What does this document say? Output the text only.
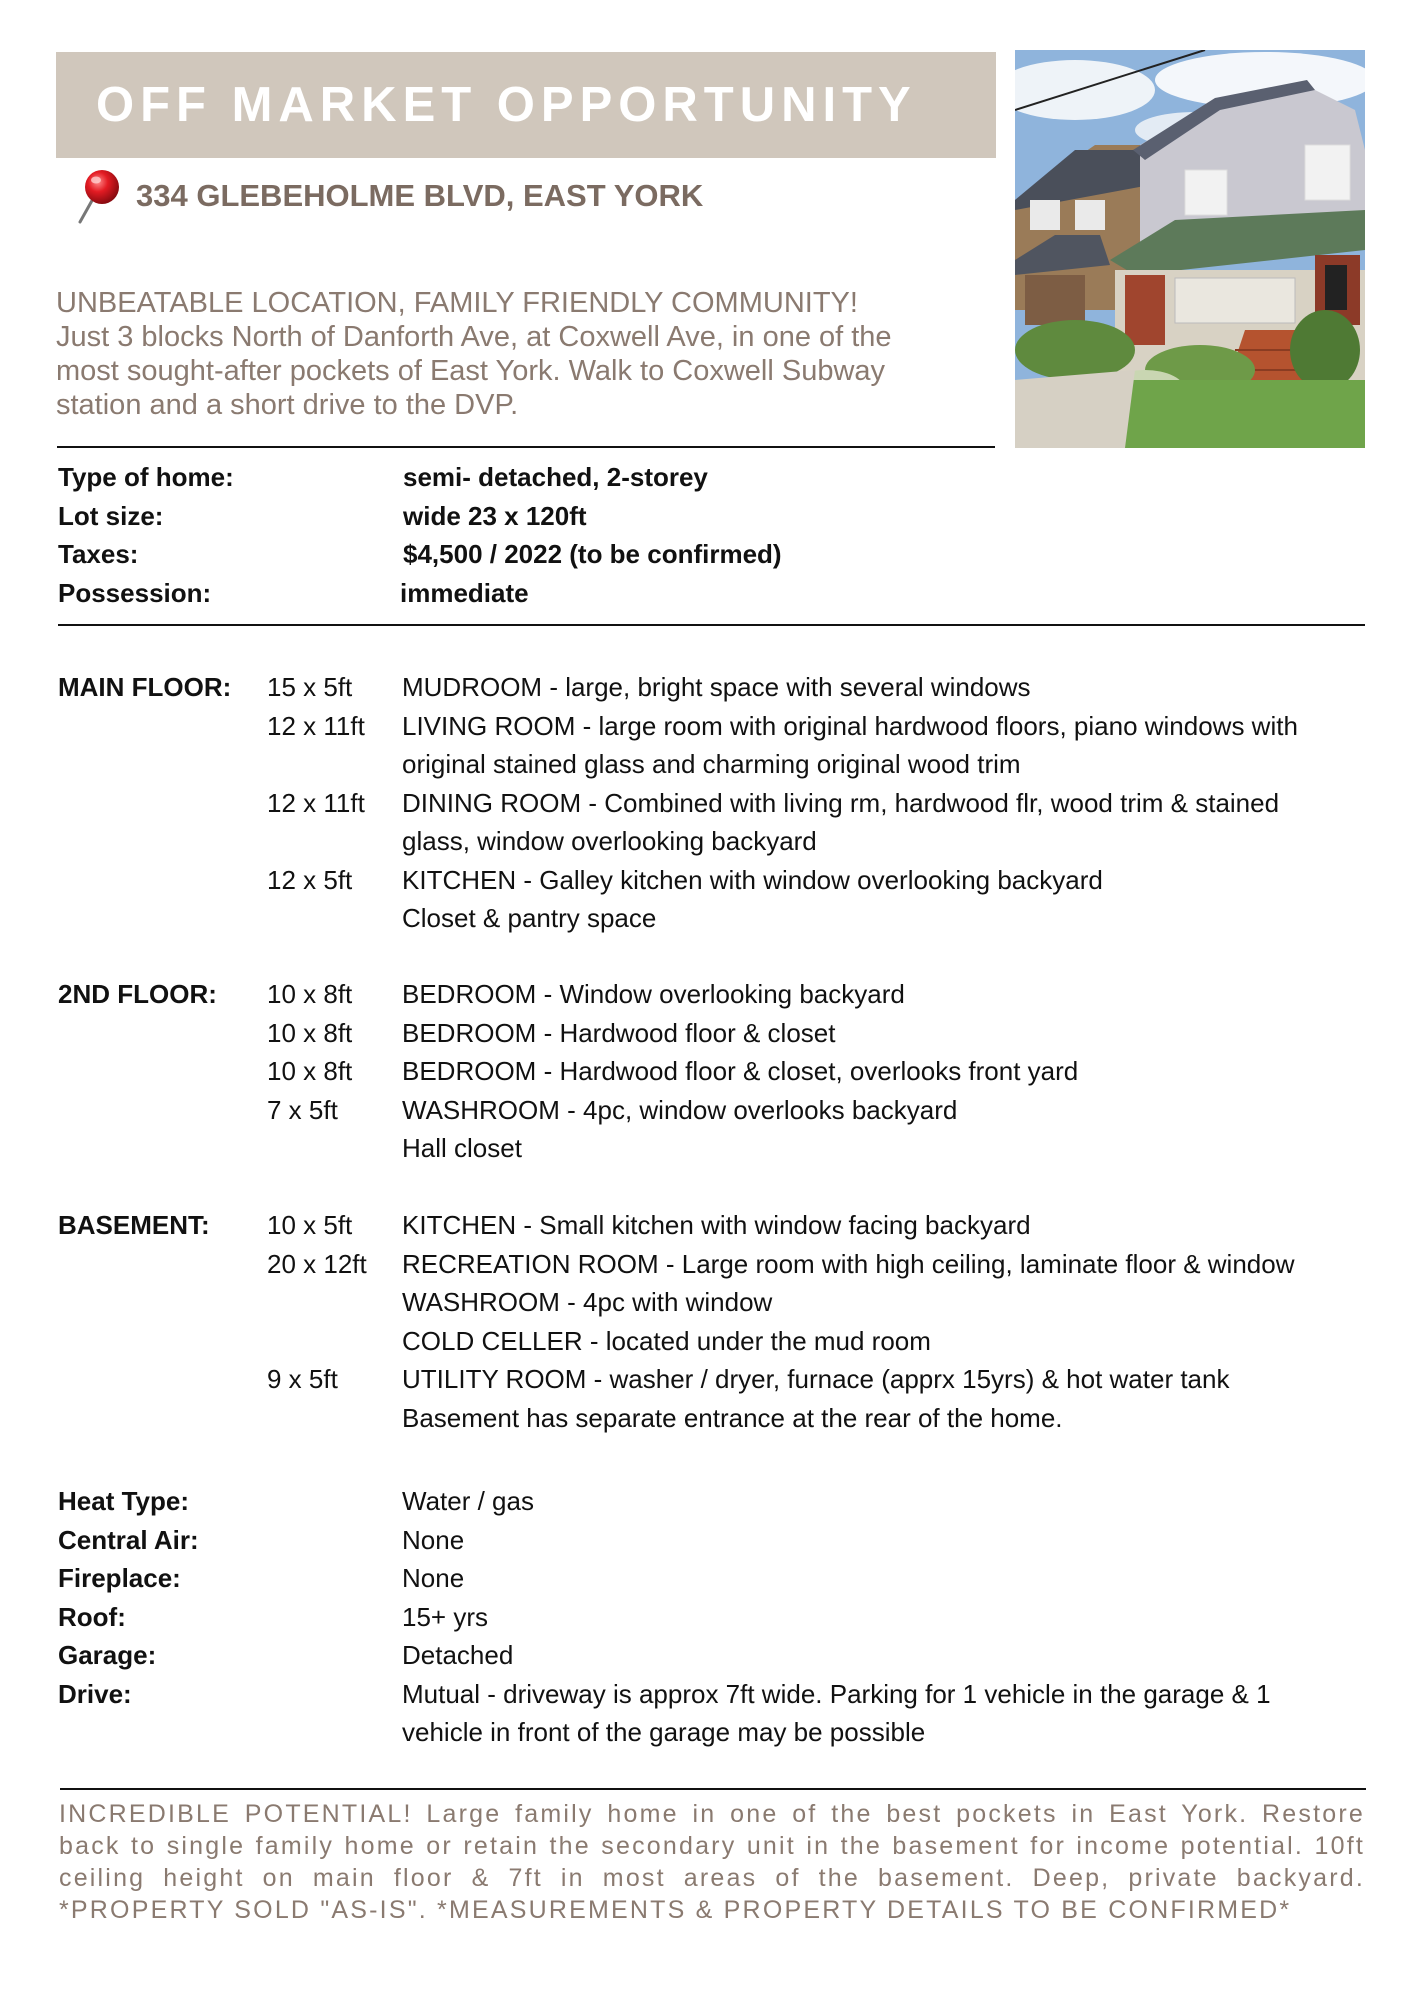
OFF MARKET OPPORTUNITY
334 GLEBEHOLME BLVD, EAST YORK
UNBEATABLE LOCATION, FAMILY FRIENDLY COMMUNITY!
Just 3 blocks North of Danforth Ave, at Coxwell Ave, in one of the
most sought-after pockets of East York. Walk to Coxwell Subway
station and a short drive to the DVP.
Type of home:	semi- detached, 2-storey
Lot size:	wide 23 x 120ft
Taxes:	$4,500 / 2022 (to be confirmed)
Possession:	immediate
MAIN FLOOR: 15 x 5ft MUDROOM - large, bright space with several windows
12 x 11ft LIVING ROOM - large room with original hardwood floors, piano windows with
original stained glass and charming original wood trim
12 x 11ft DINING ROOM - Combined with living rm, hardwood flr, wood trim & stained
glass, window overlooking backyard
12 x 5ft KITCHEN - Galley kitchen with window overlooking backyard
Closet & pantry space
2ND FLOOR: 10 x 8ft BEDROOM - Window overlooking backyard
10 x 8ft BEDROOM - Hardwood floor & closet
10 x 8ft BEDROOM - Hardwood floor & closet, overlooks front yard
7 x 5ft WASHROOM - 4pc, window overlooks backyard
Hall closet
BASEMENT: 10 x 5ft KITCHEN - Small kitchen with window facing backyard
20 x 12ft RECREATION ROOM - Large room with high ceiling, laminate floor & window
WASHROOM - 4pc with window
COLD CELLER - located under the mud room
9 x 5ft UTILITY ROOM - washer / dryer, furnace (apprx 15yrs) & hot water tank
Basement has separate entrance at the rear of the home.
Heat Type:	Water / gas
Central Air:	None
Fireplace:	None
Roof:	15+ yrs
Garage:	Detached
Drive:	Mutual - driveway is approx 7ft wide. Parking for 1 vehicle in the garage & 1
vehicle in front of the garage may be possible
INCREDIBLE POTENTIAL! Large family home in one of the best pockets in East York. Restore back to single family home or retain the secondary unit in the basement for income potential. 10ft ceiling height on main floor & 7ft in most areas of the basement. Deep, private backyard. *PROPERTY SOLD "AS-IS". *MEASUREMENTS & PROPERTY DETAILS TO BE CONFIRMED*
